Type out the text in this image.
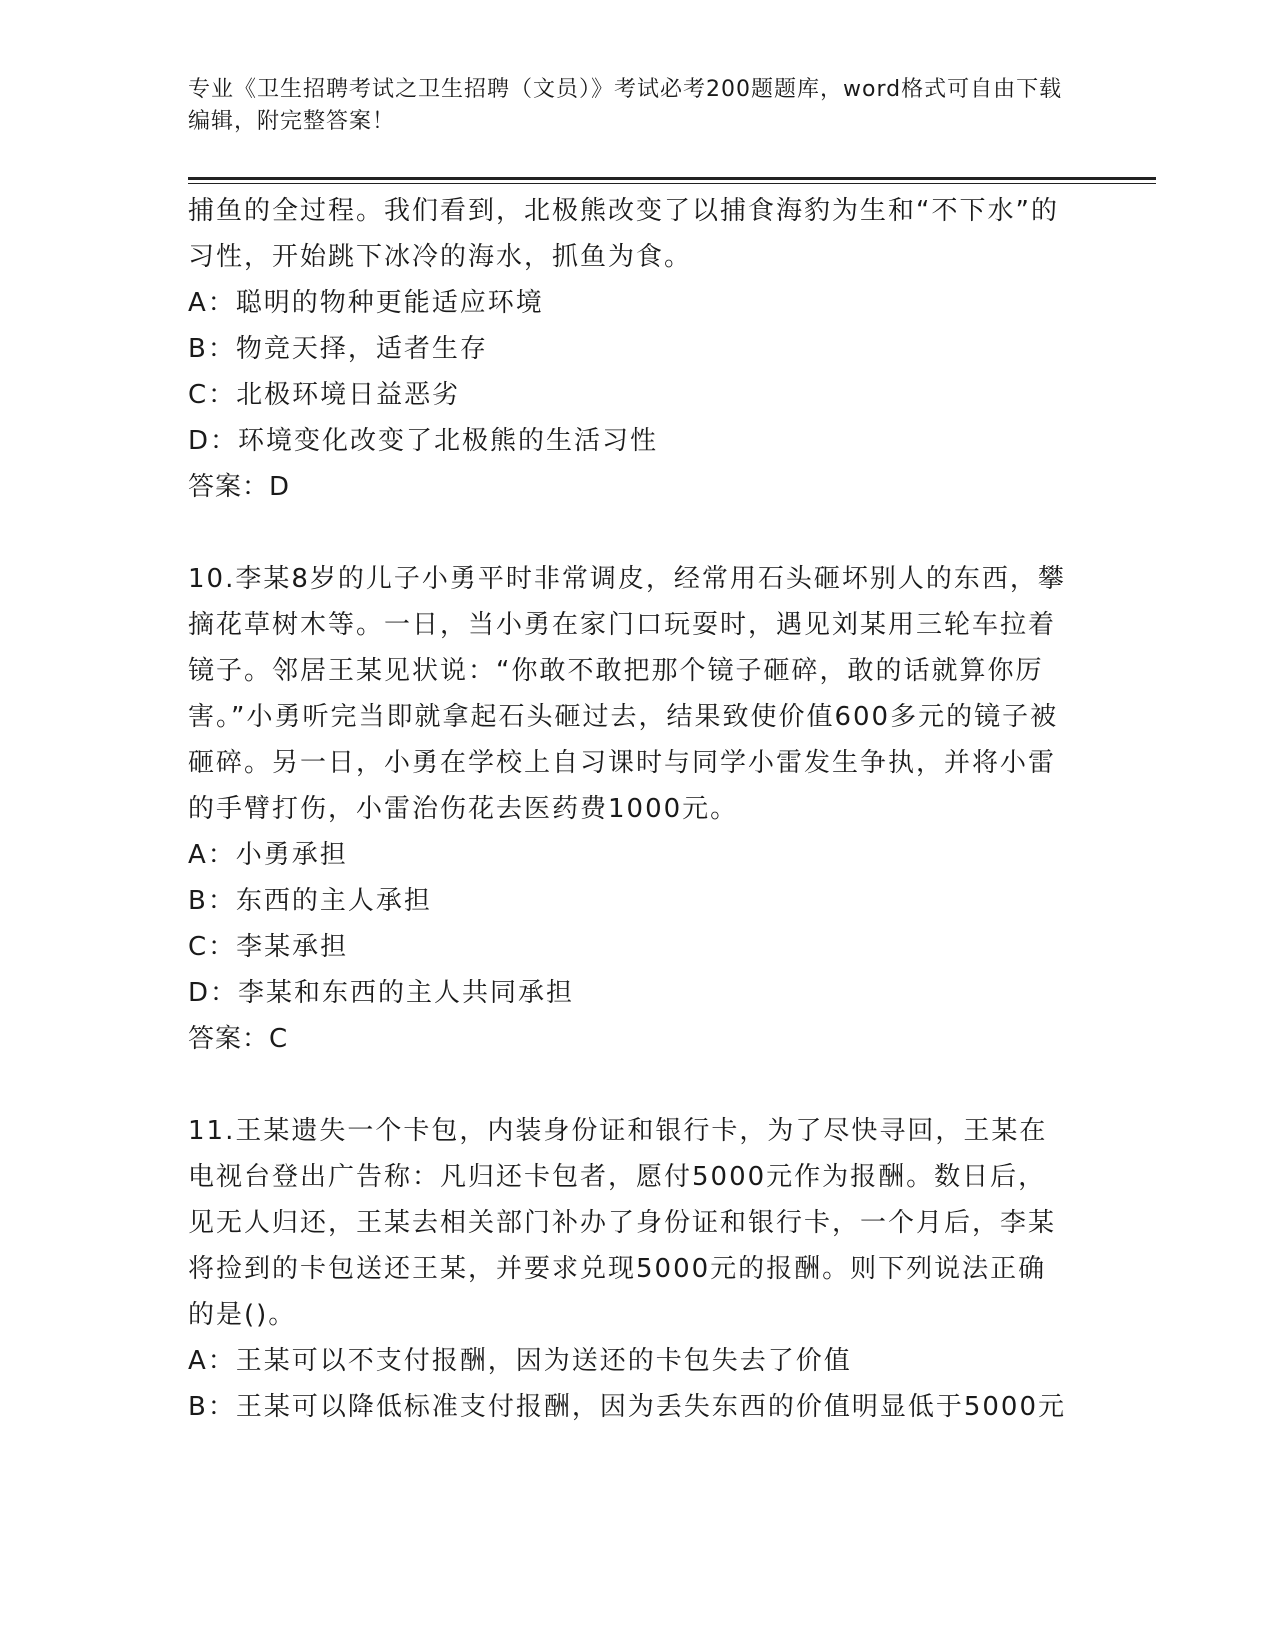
专业《卫生招聘考试之卫生招聘（文员）》考试必考200题题库，word格式可自由下载编辑，附完整答案！

捕鱼的全过程。我们看到，北极熊改变了以捕食海豹为生和“不下水”的习性，开始跳下冰冷的海水，抓鱼为食。

A：聪明的物种更能适应环境

B：物竞天择，适者生存

C：北极环境日益恶劣

D：环境变化改变了北极熊的生活习性

答案：D

10.李某8岁的儿子小勇平时非常调皮，经常用石头砸坏别人的东西，攀摘花草树木等。一日，当小勇在家门口玩耍时，遇见刘某用三轮车拉着镜子。邻居王某见状说：“你敢不敢把那个镜子砸碎，敢的话就算你厉害。”小勇听完当即就拿起石头砸过去，结果致使价值600多元的镜子被砸碎。另一日，小勇在学校上自习课时与同学小雷发生争执，并将小雷的手臂打伤，小雷治伤花去医药费1000元。

A：小勇承担

B：东西的主人承担

C：李某承担

D：李某和东西的主人共同承担

答案：C

11.王某遗失一个卡包，内装身份证和银行卡，为了尽快寻回，王某在电视台登出广告称：凡归还卡包者，愿付5000元作为报酬。数日后，见无人归还，王某去相关部门补办了身份证和银行卡，一个月后，李某将捡到的卡包送还王某，并要求兑现5000元的报酬。则下列说法正确的是()。

A：王某可以不支付报酬，因为送还的卡包失去了价值

B：王某可以降低标准支付报酬，因为丢失东西的价值明显低于5000元
